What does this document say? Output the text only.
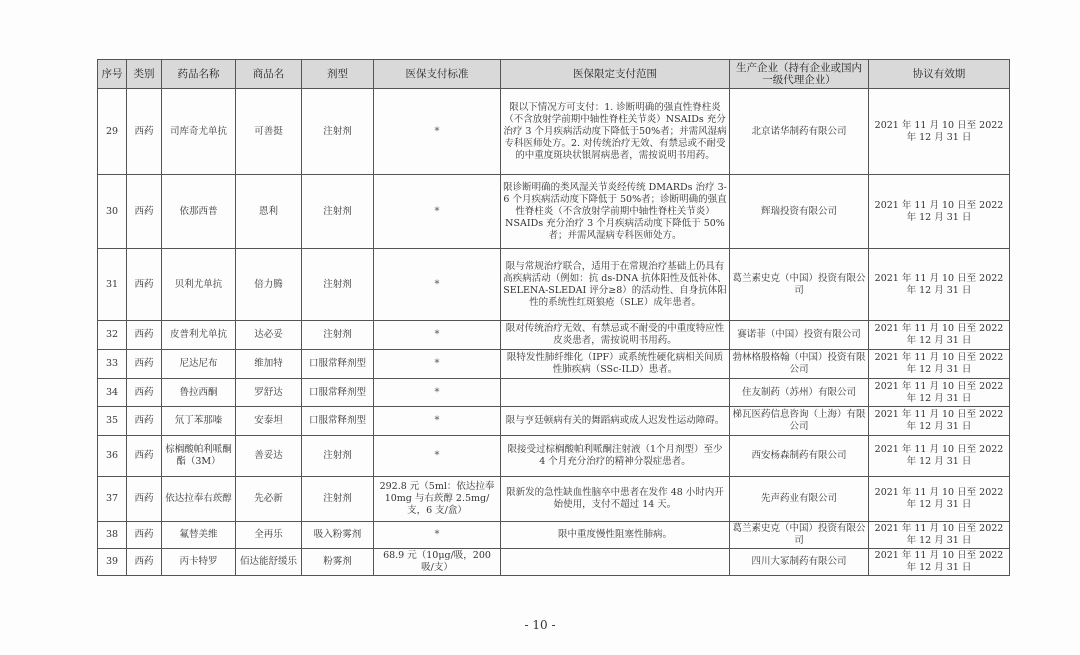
序号	类别	药品名称	商品名	剂型	医保支付标准	医保限定支付范围	生产企业（持有企业或国内一级代理企业）	协议有效期
29	西药	司库奇尤单抗	可善挺	注射剂	*	限以下情况方可支付：1. 诊断明确的强直性脊柱炎（不含放射学前期中轴性脊柱关节炎）NSAIDs 充分治疗 3 个月疾病活动度下降低于50%者；并需风湿病专科医师处方。2. 对传统治疗无效、有禁忌或不耐受的中重度斑块状银屑病患者，需按说明书用药。	北京诺华制药有限公司	2021 年 11 月 10 日至 2022 年 12 月 31 日
30	西药	依那西普	恩利	注射剂	*	限诊断明确的类风湿关节炎经传统 DMARDs 治疗 3-6 个月疾病活动度下降低于 50%者；诊断明确的强直性脊柱炎（不含放射学前期中轴性脊柱关节炎）NSAIDs 充分治疗 3 个月疾病活动度下降低于 50%者；并需风湿病专科医师处方。	辉瑞投资有限公司	2021 年 11 月 10 日至 2022 年 12 月 31 日
31	西药	贝利尤单抗	倍力腾	注射剂	*	限与常规治疗联合，适用于在常规治疗基础上仍具有高疾病活动（例如：抗 ds-DNA 抗体阳性及低补体、SELENA-SLEDAI 评分≥8）的活动性、自身抗体阳性的系统性红斑狼疮（SLE）成年患者。	葛兰素史克（中国）投资有限公司	2021 年 11 月 10 日至 2022 年 12 月 31 日
32	西药	皮普利尤单抗	达必妥	注射剂	*	限对传统治疗无效、有禁忌或不耐受的中重度特应性皮炎患者，需按说明书用药。	赛诺菲（中国）投资有限公司	2021 年 11 月 10 日至 2022 年 12 月 31 日
33	西药	尼达尼布	维加特	口服常释剂型	*	限特发性肺纤维化（IPF）或系统性硬化病相关间质性肺疾病（SSc-ILD）患者。	勃林格殷格翰（中国）投资有限公司	2021 年 11 月 10 日至 2022 年 12 月 31 日
34	西药	鲁拉西酮	罗舒达	口服常释剂型	*		住友制药（苏州）有限公司	2021 年 11 月 10 日至 2022 年 12 月 31 日
35	西药	氘丁苯那嗪	安泰坦	口服常释剂型	*	限与亨廷顿病有关的舞蹈病或成人迟发性运动障碍。	梯瓦医药信息咨询（上海）有限公司	2021 年 11 月 10 日至 2022 年 12 月 31 日
36	西药	棕榈酸帕利哌酮酯（3M）	善妥达	注射剂	*	限接受过棕榈酸帕利哌酮注射液（1个月剂型）至少 4 个月充分治疗的精神分裂症患者。	西安杨森制药有限公司	2021 年 11 月 10 日至 2022 年 12 月 31 日
37	西药	依达拉奉右莰醇	先必新	注射剂	292.8 元（5ml：依达拉奉 10mg 与右莰醇 2.5mg/支，6 支/盒）	限新发的急性缺血性脑卒中患者在发作 48 小时内开始使用，支付不超过 14 天。	先声药业有限公司	2021 年 11 月 10 日至 2022 年 12 月 31 日
38	西药	氟替美维	全再乐	吸入粉雾剂	*	限中重度慢性阻塞性肺病。	葛兰素史克（中国）投资有限公司	2021 年 11 月 10 日至 2022 年 12 月 31 日
39	西药	丙卡特罗	佰达能舒缓乐	粉雾剂	68.9 元（10μg/吸，200 吸/支）		四川大冢制药有限公司	2021 年 11 月 10 日至 2022 年 12 月 31 日
- 10 -
